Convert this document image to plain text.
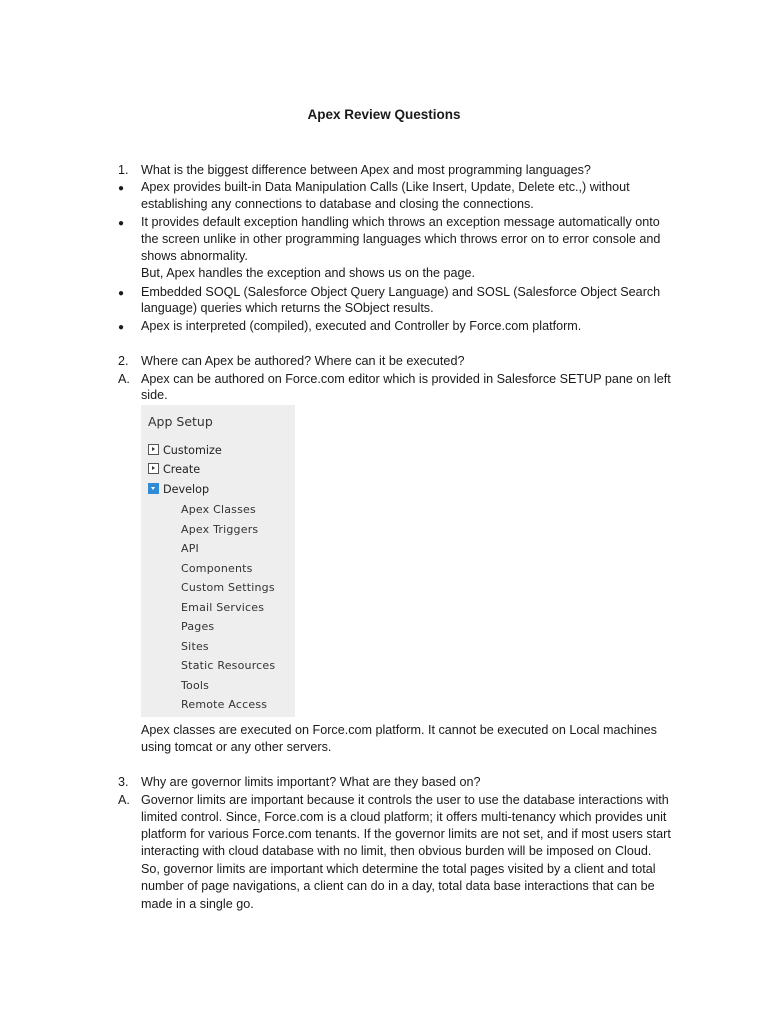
Apex Review Questions
1. What is the biggest difference between Apex and most programming languages?
● Apex provides built-in Data Manipulation Calls (Like Insert, Update, Delete etc.,) without
establishing any connections to database and closing the connections.
● It provides default exception handling which throws an exception message automatically onto
the screen unlike in other programming languages which throws error on to error console and
shows abnormality.
But, Apex handles the exception and shows us on the page.
● Embedded SOQL (Salesforce Object Query Language) and SOSL (Salesforce Object Search
language) queries which returns the SObject results.
● Apex is interpreted (compiled), executed and Controller by Force.com platform.
2. Where can Apex be authored? Where can it be executed?
A. Apex can be authored on Force.com editor which is provided in Salesforce SETUP pane on left
side.
App Setup
Customize
Create
Develop
Apex Classes
Apex Triggers
API
Components
Custom Settings
Email Services
Pages
Sites
Static Resources
Tools
Remote Access
Apex classes are executed on Force.com platform. It cannot be executed on Local machines
using tomcat or any other servers.
3. Why are governor limits important? What are they based on?
A. Governor limits are important because it controls the user to use the database interactions with
limited control. Since, Force.com is a cloud platform; it offers multi-tenancy which provides unit
platform for various Force.com tenants. If the governor limits are not set, and if most users start
interacting with cloud database with no limit, then obvious burden will be imposed on Cloud.
So, governor limits are important which determine the total pages visited by a client and total
number of page navigations, a client can do in a day, total data base interactions that can be
made in a single go.
